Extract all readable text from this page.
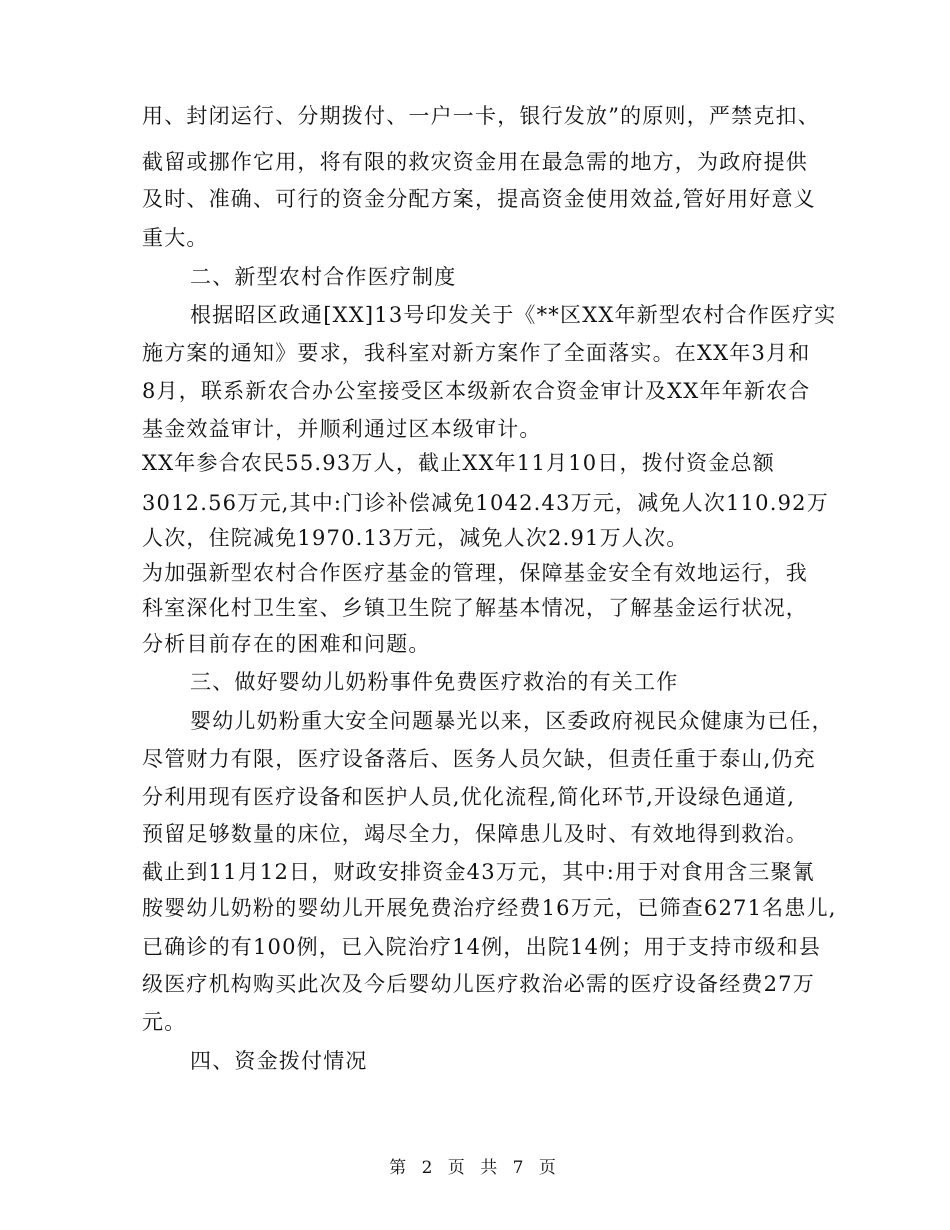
用、封闭运行、分期拨付、一户一卡，银行发放”的原则，严禁克扣、
截留或挪作它用，将有限的救灾资金用在最急需的地方，为政府提供
及时、准确、可行的资金分配方案，提高资金使用效益,管好用好意义
重大。
二、新型农村合作医疗制度
根据昭区政通[XX]13号印发关于《**区XX年新型农村合作医疗实
施方案的通知》要求，我科室对新方案作了全面落实。在XX年3月和
8月，联系新农合办公室接受区本级新农合资金审计及XX年年新农合
基金效益审计，并顺利通过区本级审计。
XX年参合农民55.93万人，截止XX年11月10日，拨付资金总额
3012.56万元,其中:门诊补偿减免1042.43万元，减免人次110.92万
人次，住院减免1970.13万元，减免人次2.91万人次。
为加强新型农村合作医疗基金的管理，保障基金安全有效地运行，我
科室深化村卫生室、乡镇卫生院了解基本情况，了解基金运行状况，
分析目前存在的困难和问题。
三、做好婴幼儿奶粉事件免费医疗救治的有关工作
婴幼儿奶粉重大安全问题暴光以来，区委政府视民众健康为已任，
尽管财力有限，医疗设备落后、医务人员欠缺，但责任重于泰山,仍充
分利用现有医疗设备和医护人员,优化流程,简化环节,开设绿色通道,
预留足够数量的床位，竭尽全力，保障患儿及时、有效地得到救治。
截止到11月12日，财政安排资金43万元，其中:用于对食用含三聚氰
胺婴幼儿奶粉的婴幼儿开展免费治疗经费16万元，已筛查6271名患儿,
已确诊的有100例，已入院治疗14例，出院14例；用于支持市级和县
级医疗机构购买此次及今后婴幼儿医疗救治必需的医疗设备经费27万
元。
四、资金拨付情况
第 2 页 共 7 页
